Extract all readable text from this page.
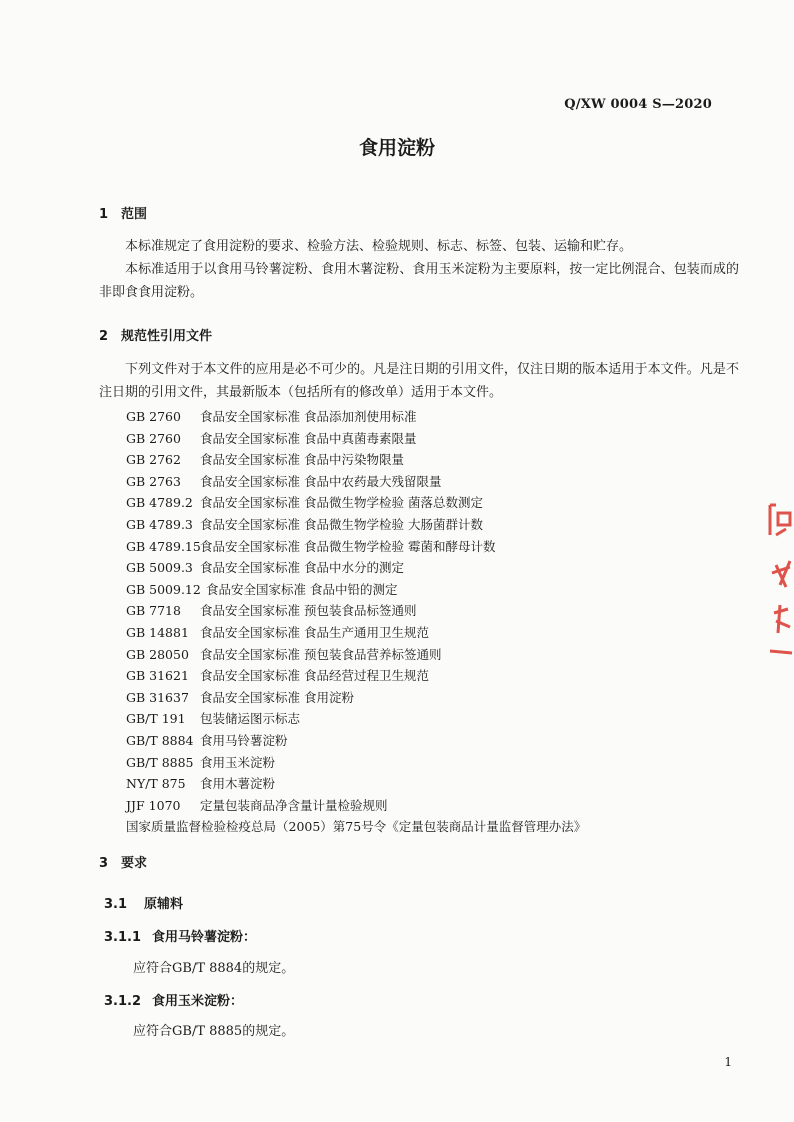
Q/XW 0004 S—2020
食用淀粉
1 范围
本标准规定了食用淀粉的要求、检验方法、检验规则、标志、标签、包装、运输和贮存。
本标准适用于以食用马铃薯淀粉、食用木薯淀粉、食用玉米淀粉为主要原料，按一定比例混合、包装而成的非即食食用淀粉。
2 规范性引用文件
下列文件对于本文件的应用是必不可少的。凡是注日期的引用文件，仅注日期的版本适用于本文件。凡是不注日期的引用文件，其最新版本（包括所有的修改单）适用于本文件。
GB 2760 食品安全国家标准 食品添加剂使用标准
GB 2760 食品安全国家标准 食品中真菌毒素限量
GB 2762 食品安全国家标准 食品中污染物限量
GB 2763 食品安全国家标准 食品中农药最大残留限量
GB 4789.2 食品安全国家标准 食品微生物学检验 菌落总数测定
GB 4789.3 食品安全国家标准 食品微生物学检验 大肠菌群计数
GB 4789.15食品安全国家标准 食品微生物学检验 霉菌和酵母计数
GB 5009.3 食品安全国家标准 食品中水分的测定
GB 5009.12 食品安全国家标准 食品中铅的测定
GB 7718 食品安全国家标准 预包装食品标签通则
GB 14881 食品安全国家标准 食品生产通用卫生规范
GB 28050 食品安全国家标准 预包装食品营养标签通则
GB 31621 食品安全国家标准 食品经营过程卫生规范
GB 31637 食品安全国家标准 食用淀粉
GB/T 191 包装储运图示标志
GB/T 8884 食用马铃薯淀粉
GB/T 8885 食用玉米淀粉
NY/T 875 食用木薯淀粉
JJF 1070 定量包装商品净含量计量检验规则
国家质量监督检验检疫总局（2005）第75号令《定量包装商品计量监督管理办法》
3 要求
3.1 原辅料
3.1.1 食用马铃薯淀粉：
应符合GB/T 8884的规定。
3.1.2 食用玉米淀粉：
应符合GB/T 8885的规定。
1
